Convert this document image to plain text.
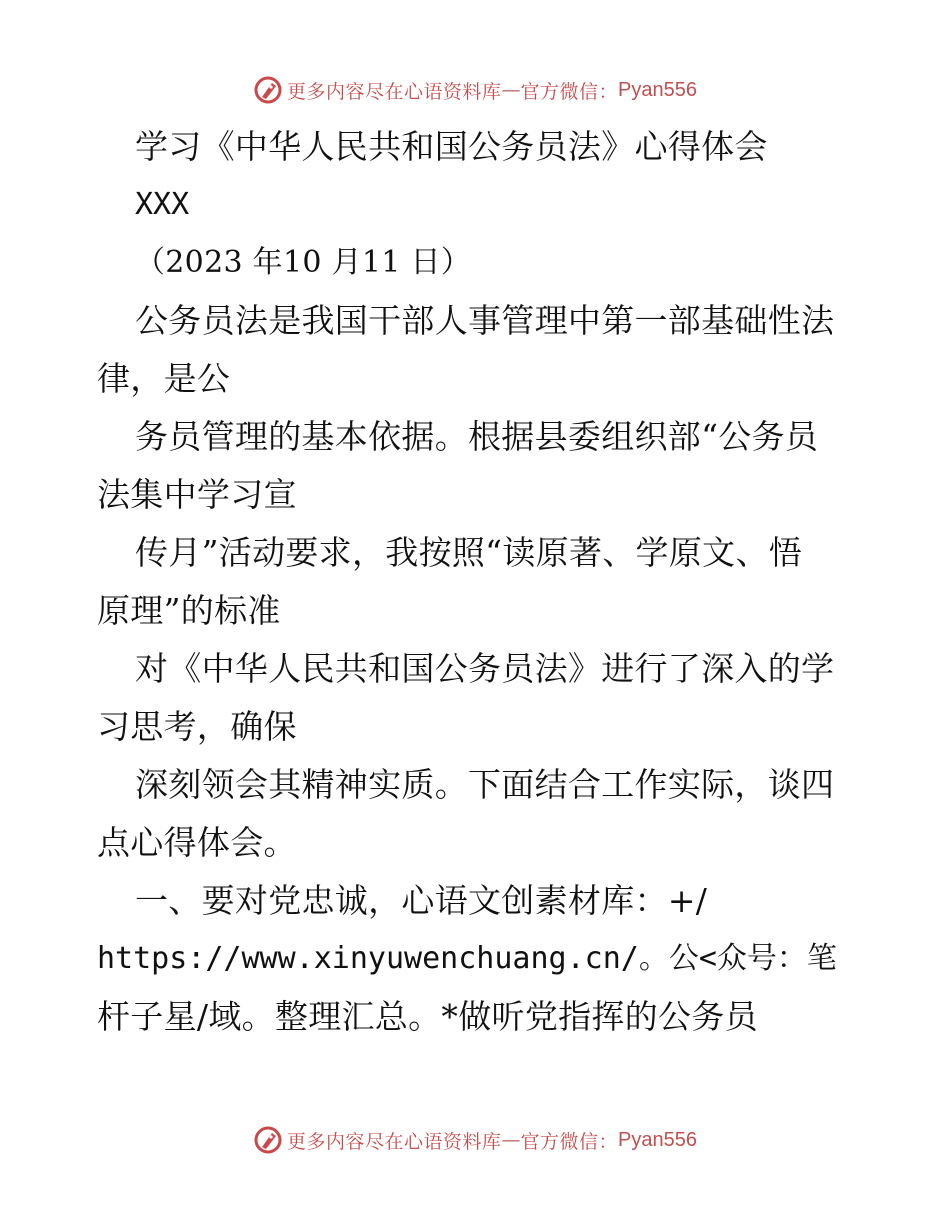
更多内容尽在心语资料库 — 官方微信： Pyan556
学习《中华人民共和国公务员法》心得体会
XXX
（2023 年10 月11 日）
公务员法是我国干部人事管理中第一部基础性法
律，是公
务员管理的基本依据。根据县委组织部“公务员
法集中学习宣
传月”活动要求，我按照“读原著、学原文、悟
原理”的标准
对《中华人民共和国公务员法》进行了深入的学
习思考，确保
深刻领会其精神实质。下面结合工作实际，谈四
点心得体会。
一、要对党忠诚，心语文创素材库：+/
https://www.xinyuwenchuang.cn/。公<众号：笔
杆子星/域。整理汇总。*做听党指挥的公务员
更多内容尽在心语资料库 — 官方微信： Pyan556
